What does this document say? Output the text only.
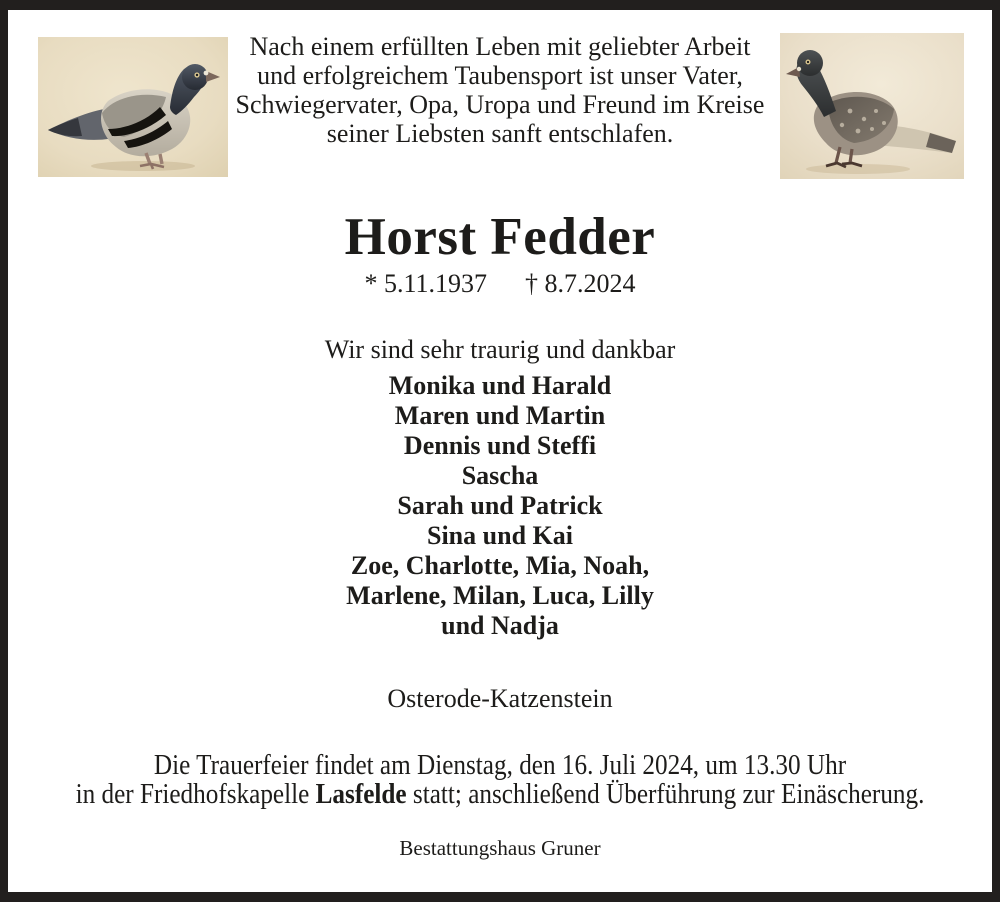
Nach einem erfüllten Leben mit geliebter Arbeit
und erfolgreichem Taubensport ist unser Vater,
Schwiegervater, Opa, Uropa und Freund im Kreise
seiner Liebsten sanft entschlafen.
Horst Fedder
* 5.11.1937 † 8.7.2024
Wir sind sehr traurig und dankbar
Monika und Harald
Maren und Martin
Dennis und Steffi
Sascha
Sarah und Patrick
Sina und Kai
Zoe, Charlotte, Mia, Noah,
Marlene, Milan, Luca, Lilly
und Nadja
Osterode-Katzenstein
Die Trauerfeier findet am Dienstag, den 16. Juli 2024, um 13.30 Uhr
in der Friedhofskapelle Lasfelde statt; anschließend Überführung zur Einäscherung.
Bestattungshaus Gruner
